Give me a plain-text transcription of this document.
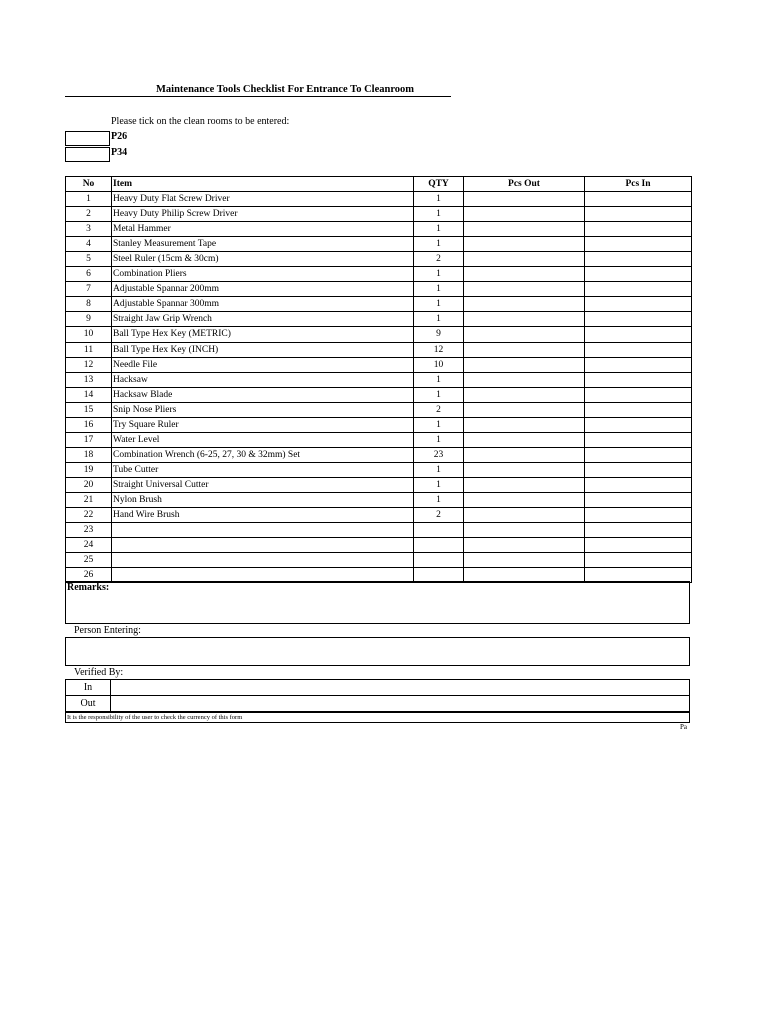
Maintenance Tools Checklist For Entrance To Cleanroom
Please tick on the clean rooms to be entered:
P26
P34
No	Item	QTY	Pcs Out	Pcs In
1	Heavy Duty Flat Screw Driver	1		
2	Heavy Duty Philip Screw Driver	1		
3	Metal Hammer	1		
4	Stanley Measurement Tape	1		
5	Steel Ruler (15cm & 30cm)	2		
6	Combination Pliers	1		
7	Adjustable Spannar 200mm	1		
8	Adjustable Spannar 300mm	1		
9	Straight Jaw Grip Wrench	1		
10	Ball Type Hex Key (METRIC)	9		
11	Ball Type Hex Key (INCH)	12		
12	Needle File	10		
13	Hacksaw	1		
14	Hacksaw Blade	1		
15	Snip Nose Pliers	2		
16	Try Square Ruler	1		
17	Water Level	1		
18	Combination Wrench (6-25, 27, 30 & 32mm) Set	23		
19	Tube Cutter	1		
20	Straight Universal Cutter	1		
21	Nylon Brush	1		
22	Hand Wire Brush	2		
23				
24				
25				
26				
Remarks:
Person Entering:
Verified By:
In	
Out	
It is the responsibility of the user to check the currency of this form
Pa
